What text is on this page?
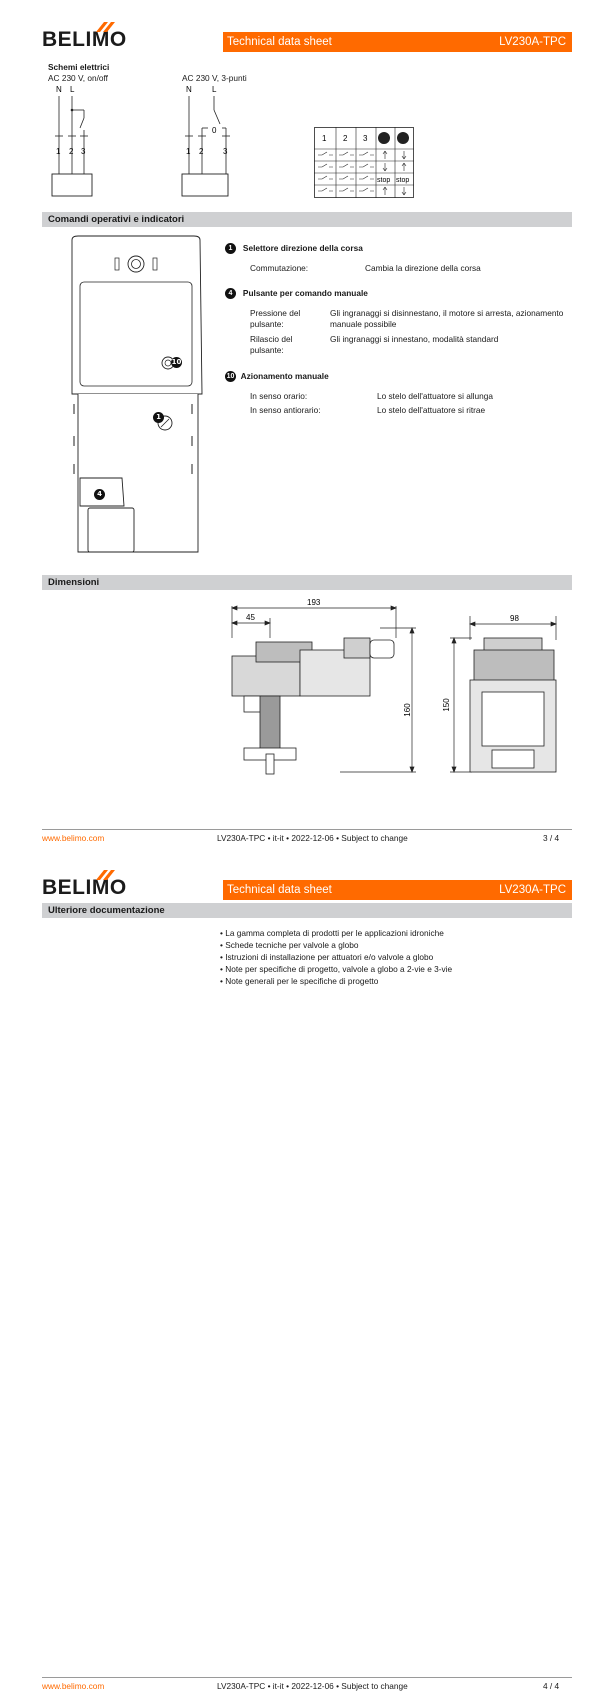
BELIMO	Technical data sheet	LV230A-TPC
Schemi elettrici
AC 230 V, on/off	AC 230 V, 3-punti
N L
1 2 3
N	L
0
1 2 3
1 2 3
stop stop
Comandi operativi e indicatori
10
1
4
1 Selettore direzione della corsa
Commutazione:	Cambia la direzione della corsa
4 Pulsante per comando manuale
Pressione del pulsante:
Gli ingranaggi si disinnestano, il motore si arresta, azionamento manuale possibile
Rilascio del pulsante:
Gli ingranaggi si innestano, modalità standard
10 Azionamento manuale
In senso orario:	Lo stelo dell'attuatore si allunga
In senso antiorario:	Lo stelo dell'attuatore si ritrae
Dimensioni
193
45
160
98
150
www.belimo.com	LV230A-TPC • it-it • 2022-12-06 • Subject to change	3 / 4
BELIMO	Technical data sheet	LV230A-TPC
Ulteriore documentazione
• La gamma completa di prodotti per le applicazioni idroniche
• Schede tecniche per valvole a globo
• Istruzioni di installazione per attuatori e/o valvole a globo
• Note per specifiche di progetto, valvole a globo a 2-vie e 3-vie
• Note generali per le specifiche di progetto
www.belimo.com	LV230A-TPC • it-it • 2022-12-06 • Subject to change	4 / 4
